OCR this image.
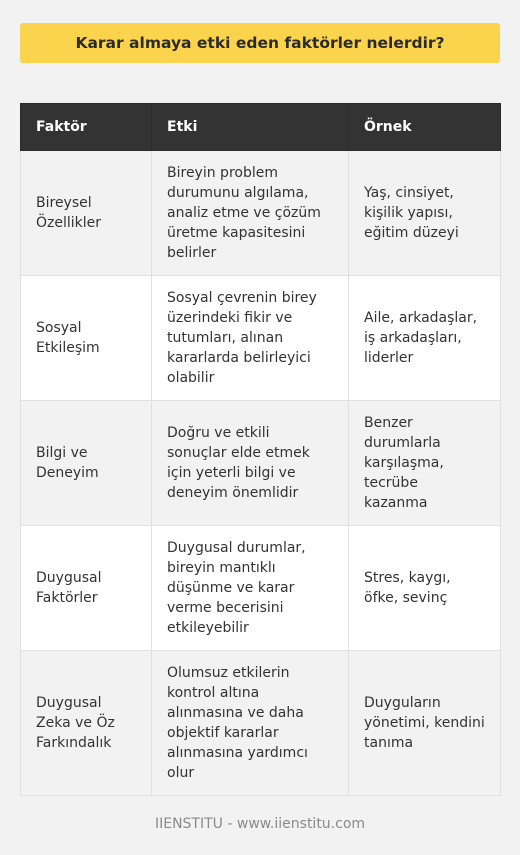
Karar almaya etki eden faktörler nelerdir?
Faktör	Etki	Örnek
Bireysel Özellikler	Bireyin problem durumunu algılama, analiz etme ve çözüm üretme kapasitesini belirler	Yaş, cinsiyet, kişilik yapısı, eğitim düzeyi
Sosyal Etkileşim	Sosyal çevrenin birey üzerindeki fikir ve tutumları, alınan kararlarda belirleyici olabilir	Aile, arkadaşlar, iş arkadaşları, liderler
Bilgi ve Deneyim	Doğru ve etkili sonuçlar elde etmek için yeterli bilgi ve deneyim önemlidir	Benzer durumlarla karşılaşma, tecrübe kazanma
Duygusal Faktörler	Duygusal durumlar, bireyin mantıklı düşünme ve karar verme becerisini etkileyebilir	Stres, kaygı, öfke, sevinç
Duygusal Zeka ve Öz Farkındalık	Olumsuz etkilerin kontrol altına alınmasına ve daha objektif kararlar alınmasına yardımcı olur	Duyguların yönetimi, kendini tanıma
IIENSTITU - www.iienstitu.com
